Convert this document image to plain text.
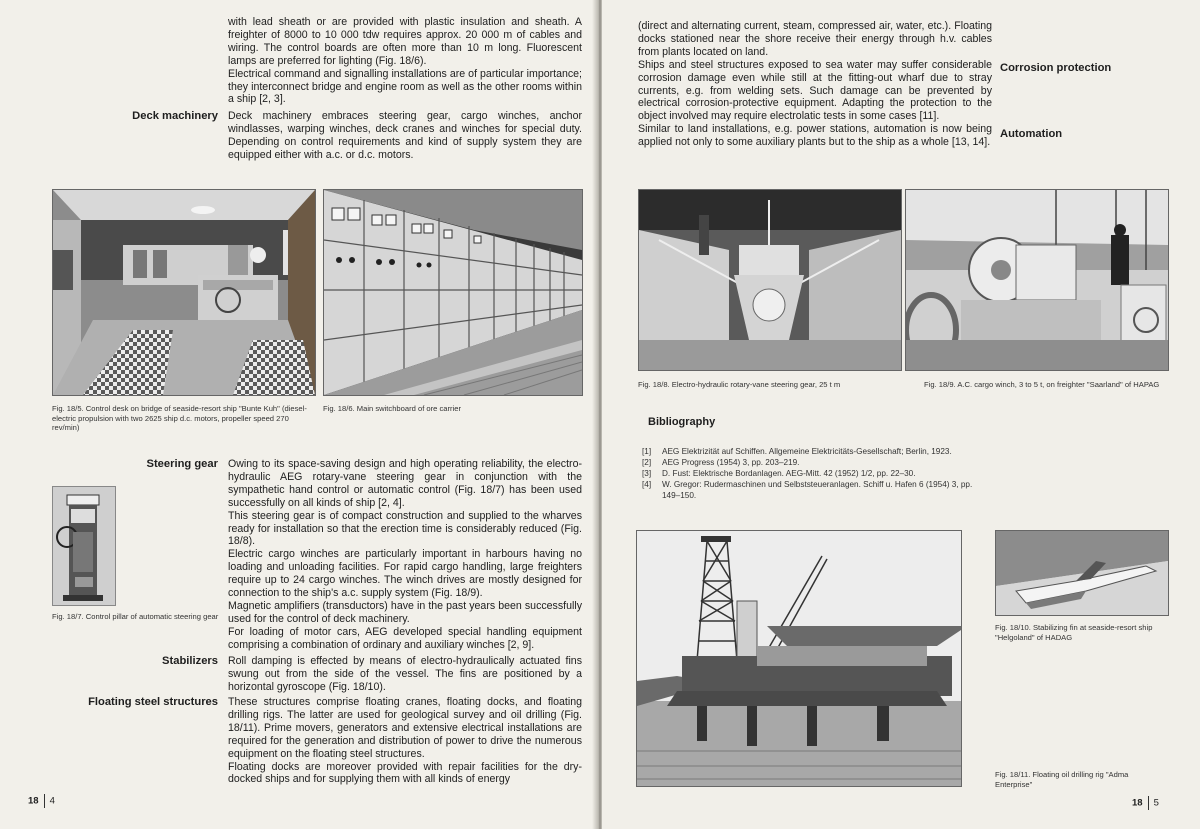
with lead sheath or are provided with plastic insulation and sheath. A freighter of 8000 to 10 000 tdw requires approx. 20 000 m of cables and wiring. The control boards are often more than 10 m long. Fluorescent lamps are preferred for lighting (Fig. 18/6).

Electrical command and signalling installations are of particular importance; they interconnect bridge and engine room as well as the other rooms within a ship [2, 3].

Deck machinery Deck machinery embraces steering gear, cargo winches, anchor windlasses, warping winches, deck cranes and winches for special duty. Depending on control requirements and kind of supply system they are equipped either with a.c. or d.c. motors.
Fig. 18/5. Control desk on bridge of seaside-resort ship "Bunte Kuh" (diesel-electric propulsion with two 2625 ship d.c. motors, propeller speed 270 rev/min)
Fig. 18/6. Main switchboard of ore carrier
Steering gear Owing to its space-saving design and high operating reliability, the electro-hydraulic AEG rotary-vane steering gear in conjunction with the sympathetic hand control or automatic control (Fig. 18/7) has been used successfully on all kinds of ship [2, 4].

This steering gear is of compact construction and supplied to the wharves ready for installation so that the erection time is considerably reduced (Fig. 18/8).

Electric cargo winches are particularly important in harbours having no loading and unloading facilities. For rapid cargo handling, large freighters require up to 24 cargo winches. The winch drives are mostly designed for connection to the ship's a.c. supply system (Fig. 18/9).

Magnetic amplifiers (transductors) have in the past years been successfully used for the control of deck machinery.

For loading of motor cars, AEG developed special handling equipment comprising a combination of ordinary and auxiliary winches [2, 9].

Fig. 18/7. Control pillar of automatic steering gear
Stabilizers Roll damping is effected by means of electro-hydraulically actuated fins swung out from the side of the vessel. The fins are positioned by a horizontal gyroscope (Fig. 18/10).
Floating steel structures These structures comprise floating cranes, floating docks, and floating drilling rigs. The latter are used for geological survey and oil drilling (Fig. 18/11). Prime movers, generators and extensive electrical installations are required for the generation and distribution of power to drive the numerous equipment on the floating steel structures.

Floating docks are moreover provided with repair facilities for the dry-docked ships and for supplying them with all kinds of energy

18 4

(direct and alternating current, steam, compressed air, water, etc.). Floating docks stationed near the shore receive their energy through h.v. cables from plants located on land.

Ships and steel structures exposed to sea water may suffer considerable corrosion damage even while still at the fitting-out wharf due to stray currents, e.g. from welding sets. Such damage can be prevented by electrical corrosion-protective equipment. Adapting the protection to the object involved may require electrolatic tests in some cases [11].

Similar to land installations, e.g. power stations, automation is now being applied not only to some auxiliary plants but to the ship as a whole [13, 14].

Corrosion protection
Automation
Fig. 18/8. Electro-hydraulic rotary-vane steering gear, 25 t m	Fig. 18/9. A.C. cargo winch, 3 to 5 t, on freighter "Saarland" of HAPAG
Bibliography
[1]	AEG Elektrizität auf Schiffen. Allgemeine Elektricitäts-Gesellschaft; Berlin, 1923.
[2]	AEG Progress (1954) 3, pp. 203–219.
[3]	D. Fust: Elektrische Bordanlagen. AEG-Mitt. 42 (1952) 1/2, pp. 22–30.
[4]	W. Gregor: Rudermaschinen und Selbststeueranlagen. Schiff u. Hafen 6 (1954) 3, pp. 149–150.
Fig. 18/10. Stabilizing fin at seaside-resort ship "Helgoland" of HADAG
Fig. 18/11. Floating oil drilling rig "Adma Enterprise"
18 5
